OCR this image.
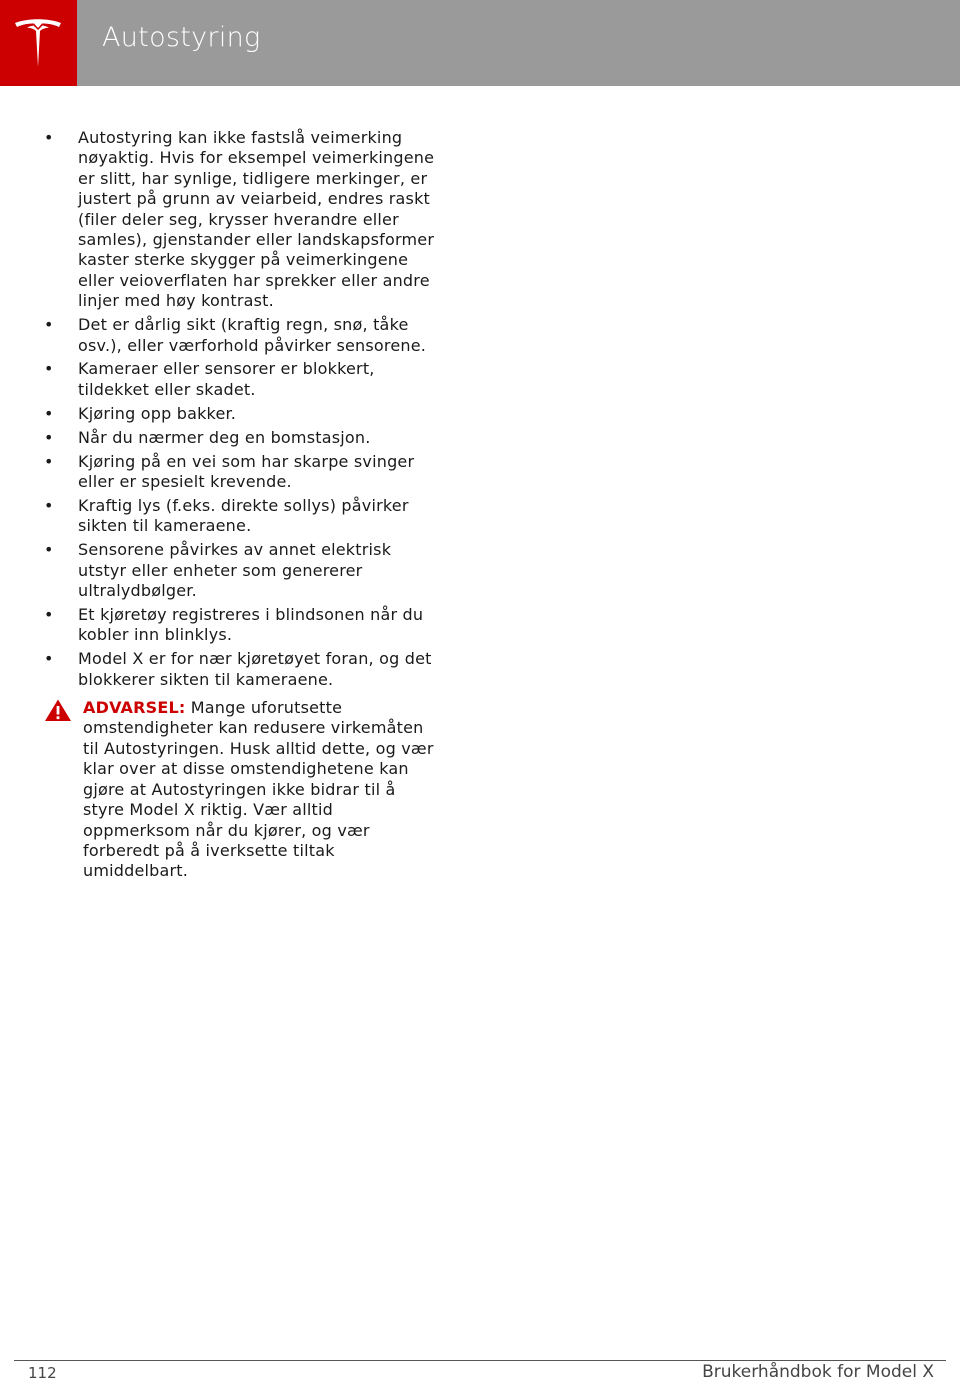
Autostyring
• Autostyring kan ikke fastslå veimerking nøyaktig. Hvis for eksempel veimerkingene er slitt, har synlige, tidligere merkinger, er justert på grunn av veiarbeid, endres raskt (filer deler seg, krysser hverandre eller samles), gjenstander eller landskapsformer kaster sterke skygger på veimerkingene eller veioverflaten har sprekker eller andre linjer med høy kontrast.
• Det er dårlig sikt (kraftig regn, snø, tåke osv.), eller værforhold påvirker sensorene.
• Kameraer eller sensorer er blokkert, tildekket eller skadet.
• Kjøring opp bakker.
• Når du nærmer deg en bomstasjon.
• Kjøring på en vei som har skarpe svinger eller er spesielt krevende.
• Kraftig lys (f.eks. direkte sollys) påvirker sikten til kameraene.
• Sensorene påvirkes av annet elektrisk utstyr eller enheter som genererer ultralydbølger.
• Et kjøretøy registreres i blindsonen når du kobler inn blinklys.
• Model X er for nær kjøretøyet foran, og det blokkerer sikten til kameraene.
ADVARSEL: Mange uforutsette omstendigheter kan redusere virkemåten til Autostyringen. Husk alltid dette, og vær klar over at disse omstendighetene kan gjøre at Autostyringen ikke bidrar til å styre Model X riktig. Vær alltid oppmerksom når du kjører, og vær forberedt på å iverksette tiltak umiddelbart.
112	Brukerhåndbok for Model X
